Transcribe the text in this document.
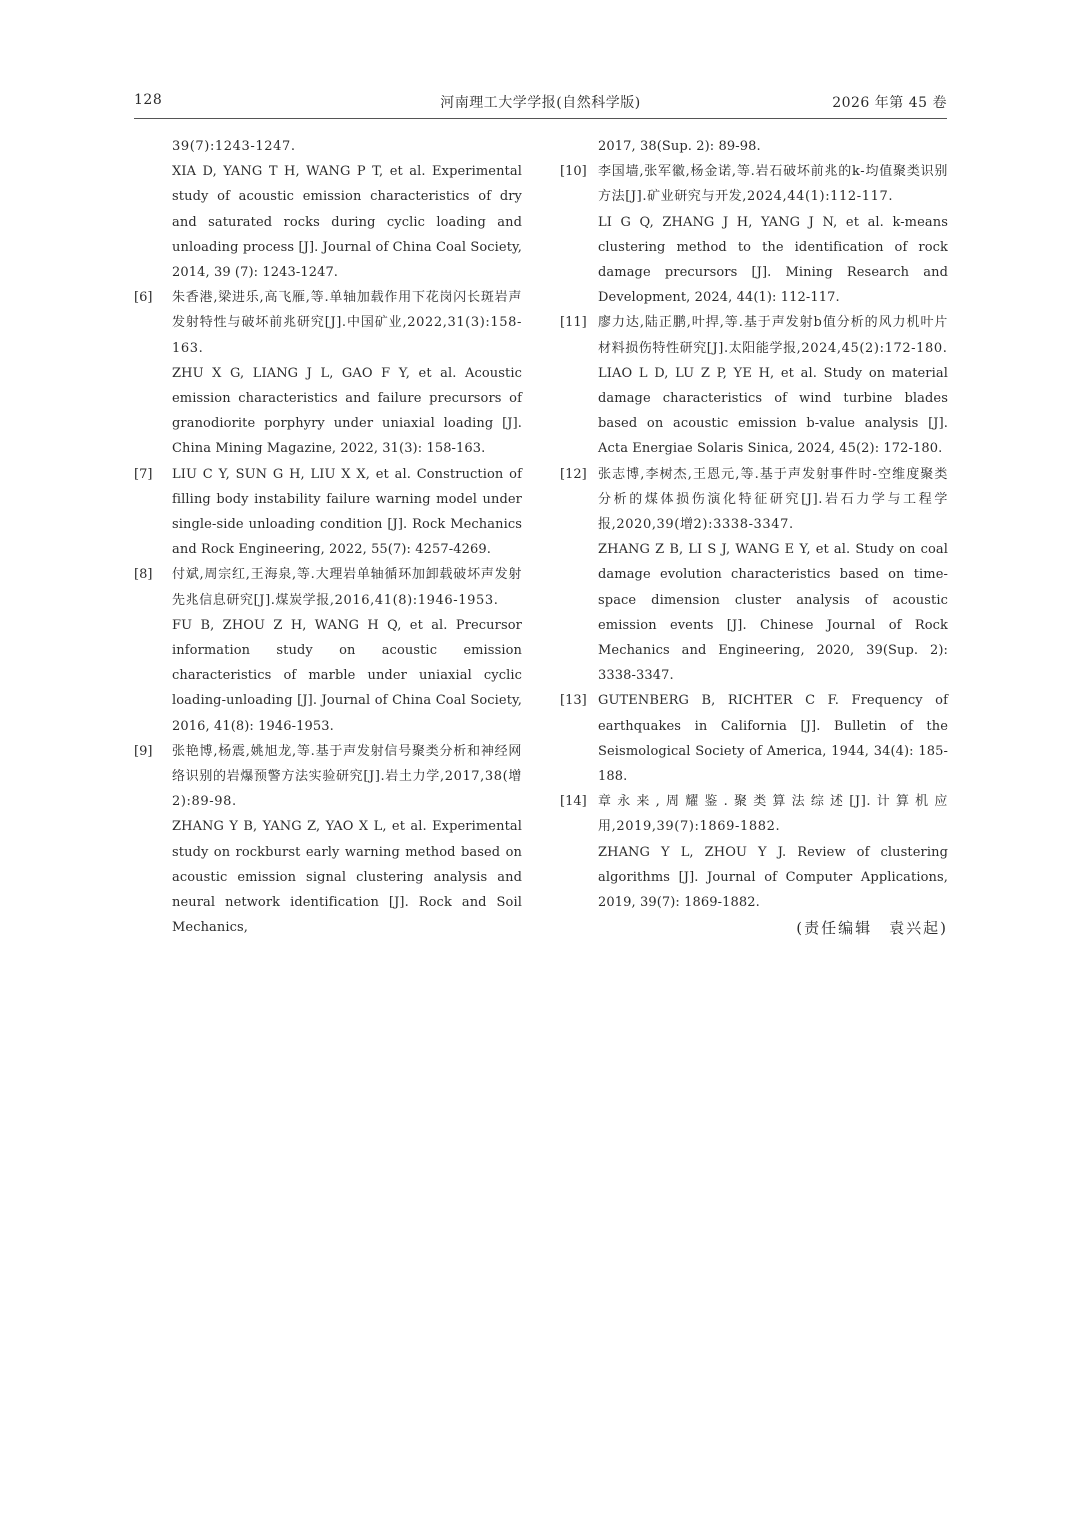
128	河南理工大学学报(自然科学版)	2026 年第 45 卷

39(7):1243-1247.

XIA D, YANG T H, WANG P T, et al. Experimental study of acoustic emission characteristics of dry and saturated rocks during cyclic loading and unloading process [J]. Journal of China Coal Society, 2014, 39 (7): 1243-1247.

[6]	朱香港,梁进乐,高飞雁,等.单轴加载作用下花岗闪长斑岩声发射特性与破坏前兆研究[J].中国矿业,2022,31(3):158-163.

ZHU X G, LIANG J L, GAO F Y, et al. Acoustic emission characteristics and failure precursors of granodiorite porphyry under uniaxial loading [J]. China Mining Magazine, 2022, 31(3): 158-163.

[7]	LIU C Y, SUN G H, LIU X X, et al. Construction of filling body instability failure warning model under single-side unloading condition [J]. Rock Mechanics and Rock Engineering, 2022, 55(7): 4257-4269.

[8]	付斌,周宗红,王海泉,等.大理岩单轴循环加卸载破坏声发射先兆信息研究[J].煤炭学报,2016,41(8):1946-1953.

FU B, ZHOU Z H, WANG H Q, et al. Precursor information study on acoustic emission characteristics of marble under uniaxial cyclic loading-unloading [J]. Journal of China Coal Society, 2016, 41(8): 1946-1953.

[9]	张艳博,杨震,姚旭龙,等.基于声发射信号聚类分析和神经网络识别的岩爆预警方法实验研究[J].岩土力学,2017,38(增2):89-98.

ZHANG Y B, YANG Z, YAO X L, et al. Experimental study on rockburst early warning method based on acoustic emission signal clustering analysis and neural network identification [J]. Rock and Soil Mechanics,

2017, 38(Sup. 2): 89-98.

[10] 李国墙,张军徽,杨金诺,等.岩石破坏前兆的k-均值聚类识别方法[J].矿业研究与开发,2024,44(1):112-117.

LI G Q, ZHANG J H, YANG J N, et al. k-means clustering method to the identification of rock damage precursors [J]. Mining Research and Development, 2024, 44(1): 112-117.

[11] 廖力达,陆正鹏,叶捍,等.基于声发射b值分析的风力机叶片材料损伤特性研究[J].太阳能学报,2024,45(2):172-180.

LIAO L D, LU Z P, YE H, et al. Study on material damage characteristics of wind turbine blades based on acoustic emission b-value analysis [J]. Acta Energiae Solaris Sinica, 2024, 45(2): 172-180.

[12] 张志博,李树杰,王恩元,等.基于声发射事件时-空维度聚类分析的煤体损伤演化特征研究[J].岩石力学与工程学报,2020,39(增2):3338-3347.

ZHANG Z B, LI S J, WANG E Y, et al. Study on coal damage evolution characteristics based on time-space dimension cluster analysis of acoustic emission events [J]. Chinese Journal of Rock Mechanics and Engineering, 2020, 39(Sup. 2): 3338-3347.

[13] GUTENBERG B, RICHTER C F. Frequency of earthquakes in California [J]. Bulletin of the Seismological Society of America, 1944, 34(4): 185-188.

[14] 章永来,周耀鉴.聚类算法综述[J].计算机应用,2019,39(7):1869-1882.

ZHANG Y L, ZHOU Y J. Review of clustering algorithms [J]. Journal of Computer Applications, 2019, 39(7): 1869-1882.

(责任编辑　袁兴起)
